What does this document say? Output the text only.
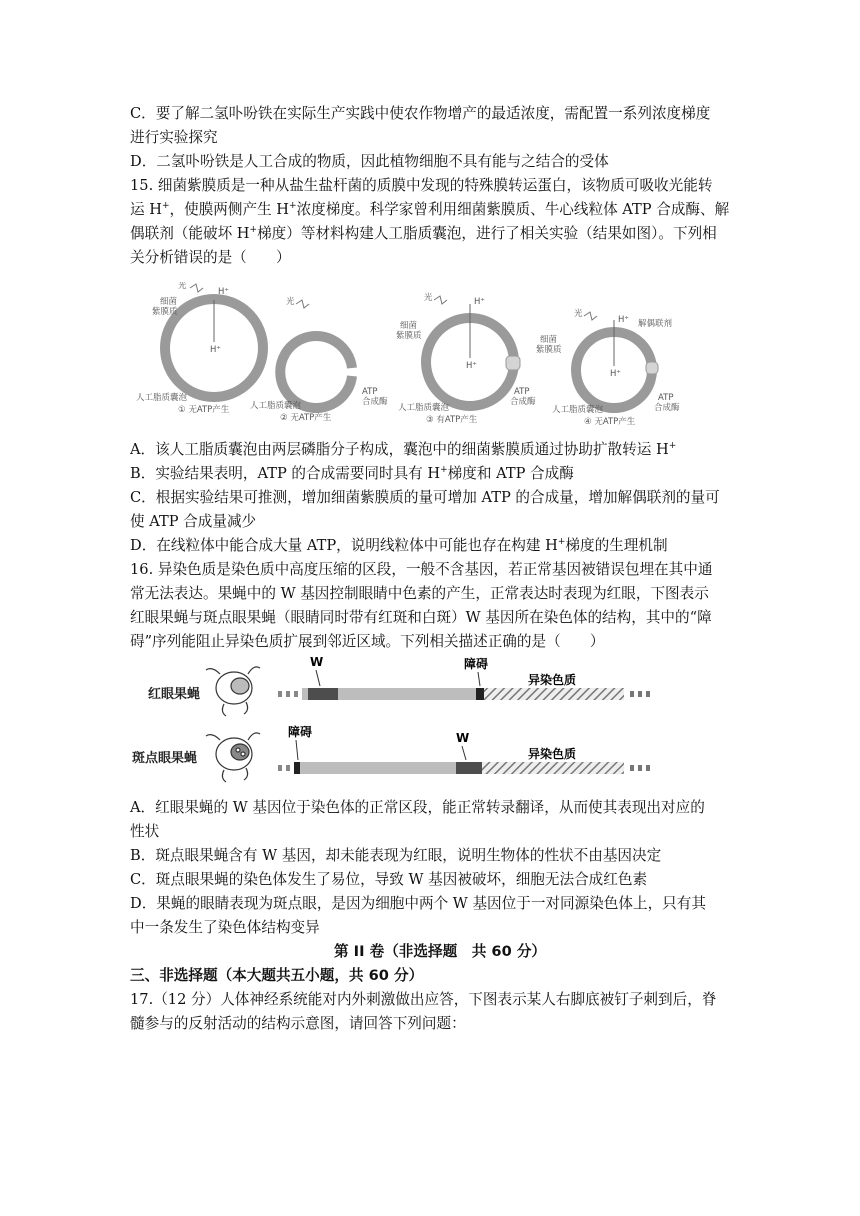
C．要了解二氢卟吩铁在实际生产实践中使农作物增产的最适浓度，需配置一系列浓度梯度
进行实验探究
D．二氢卟吩铁是人工合成的物质，因此植物细胞不具有能与之结合的受体
15. 细菌紫膜质是一种从盐生盐杆菌的质膜中发现的特殊膜转运蛋白，该物质可吸收光能转
运 H+，使膜两侧产生 H+浓度梯度。科学家曾利用细菌紫膜质、牛心线粒体 ATP 合成酶、解
偶联剂（能破坏 H+梯度）等材料构建人工脂质囊泡，进行了相关实验（结果如图）。下列相
关分析错误的是（　　）
光
H⁺
H⁺
细菌
紫膜质
人工脂质囊泡
① 无ATP产生
光
ATP
合成酶
人工脂质囊泡
② 无ATP产生
光	H⁺
H⁺
细菌
紫膜质
ATP
合成酶
人工脂质囊泡
③ 有ATP产生
光
H⁺
H⁺
细菌
紫膜质
解偶联剂
ATP
合成酶
人工脂质囊泡
④ 无ATP产生
A．该人工脂质囊泡由两层磷脂分子构成，囊泡中的细菌紫膜质通过协助扩散转运 H+
B．实验结果表明，ATP 的合成需要同时具有 H+梯度和 ATP 合成酶
C．根据实验结果可推测，增加细菌紫膜质的量可增加 ATP 的合成量，增加解偶联剂的量可
使 ATP 合成量减少
D．在线粒体中能合成大量 ATP，说明线粒体中可能也存在构建 H+梯度的生理机制
16. 异染色质是染色质中高度压缩的区段，一般不含基因，若正常基因被错误包埋在其中通
常无法表达。果蝇中的 W 基因控制眼睛中色素的产生，正常表达时表现为红眼，下图表示
红眼果蝇与斑点眼果蝇（眼睛同时带有红斑和白斑）W 基因所在染色体的结构，其中的“障
碍”序列能阻止异染色质扩展到邻近区域。下列相关描述正确的是（　　）
红眼果蝇
W	障碍
异染色质
斑点眼果蝇
障碍	W
异染色质
A．红眼果蝇的 W 基因位于染色体的正常区段，能正常转录翻译，从而使其表现出对应的
性状
B．斑点眼果蝇含有 W 基因，却未能表现为红眼，说明生物体的性状不由基因决定
C．斑点眼果蝇的染色体发生了易位，导致 W 基因被破坏，细胞无法合成红色素
D．果蝇的眼睛表现为斑点眼，是因为细胞中两个 W 基因位于一对同源染色体上，只有其
中一条发生了染色体结构变异
第 II 卷（非选择题　共 60 分）
三、非选择题（本大题共五小题，共 60 分）
17.（12 分）人体神经系统能对内外刺激做出应答，下图表示某人右脚底被钉子刺到后，脊
髓参与的反射活动的结构示意图，请回答下列问题：
